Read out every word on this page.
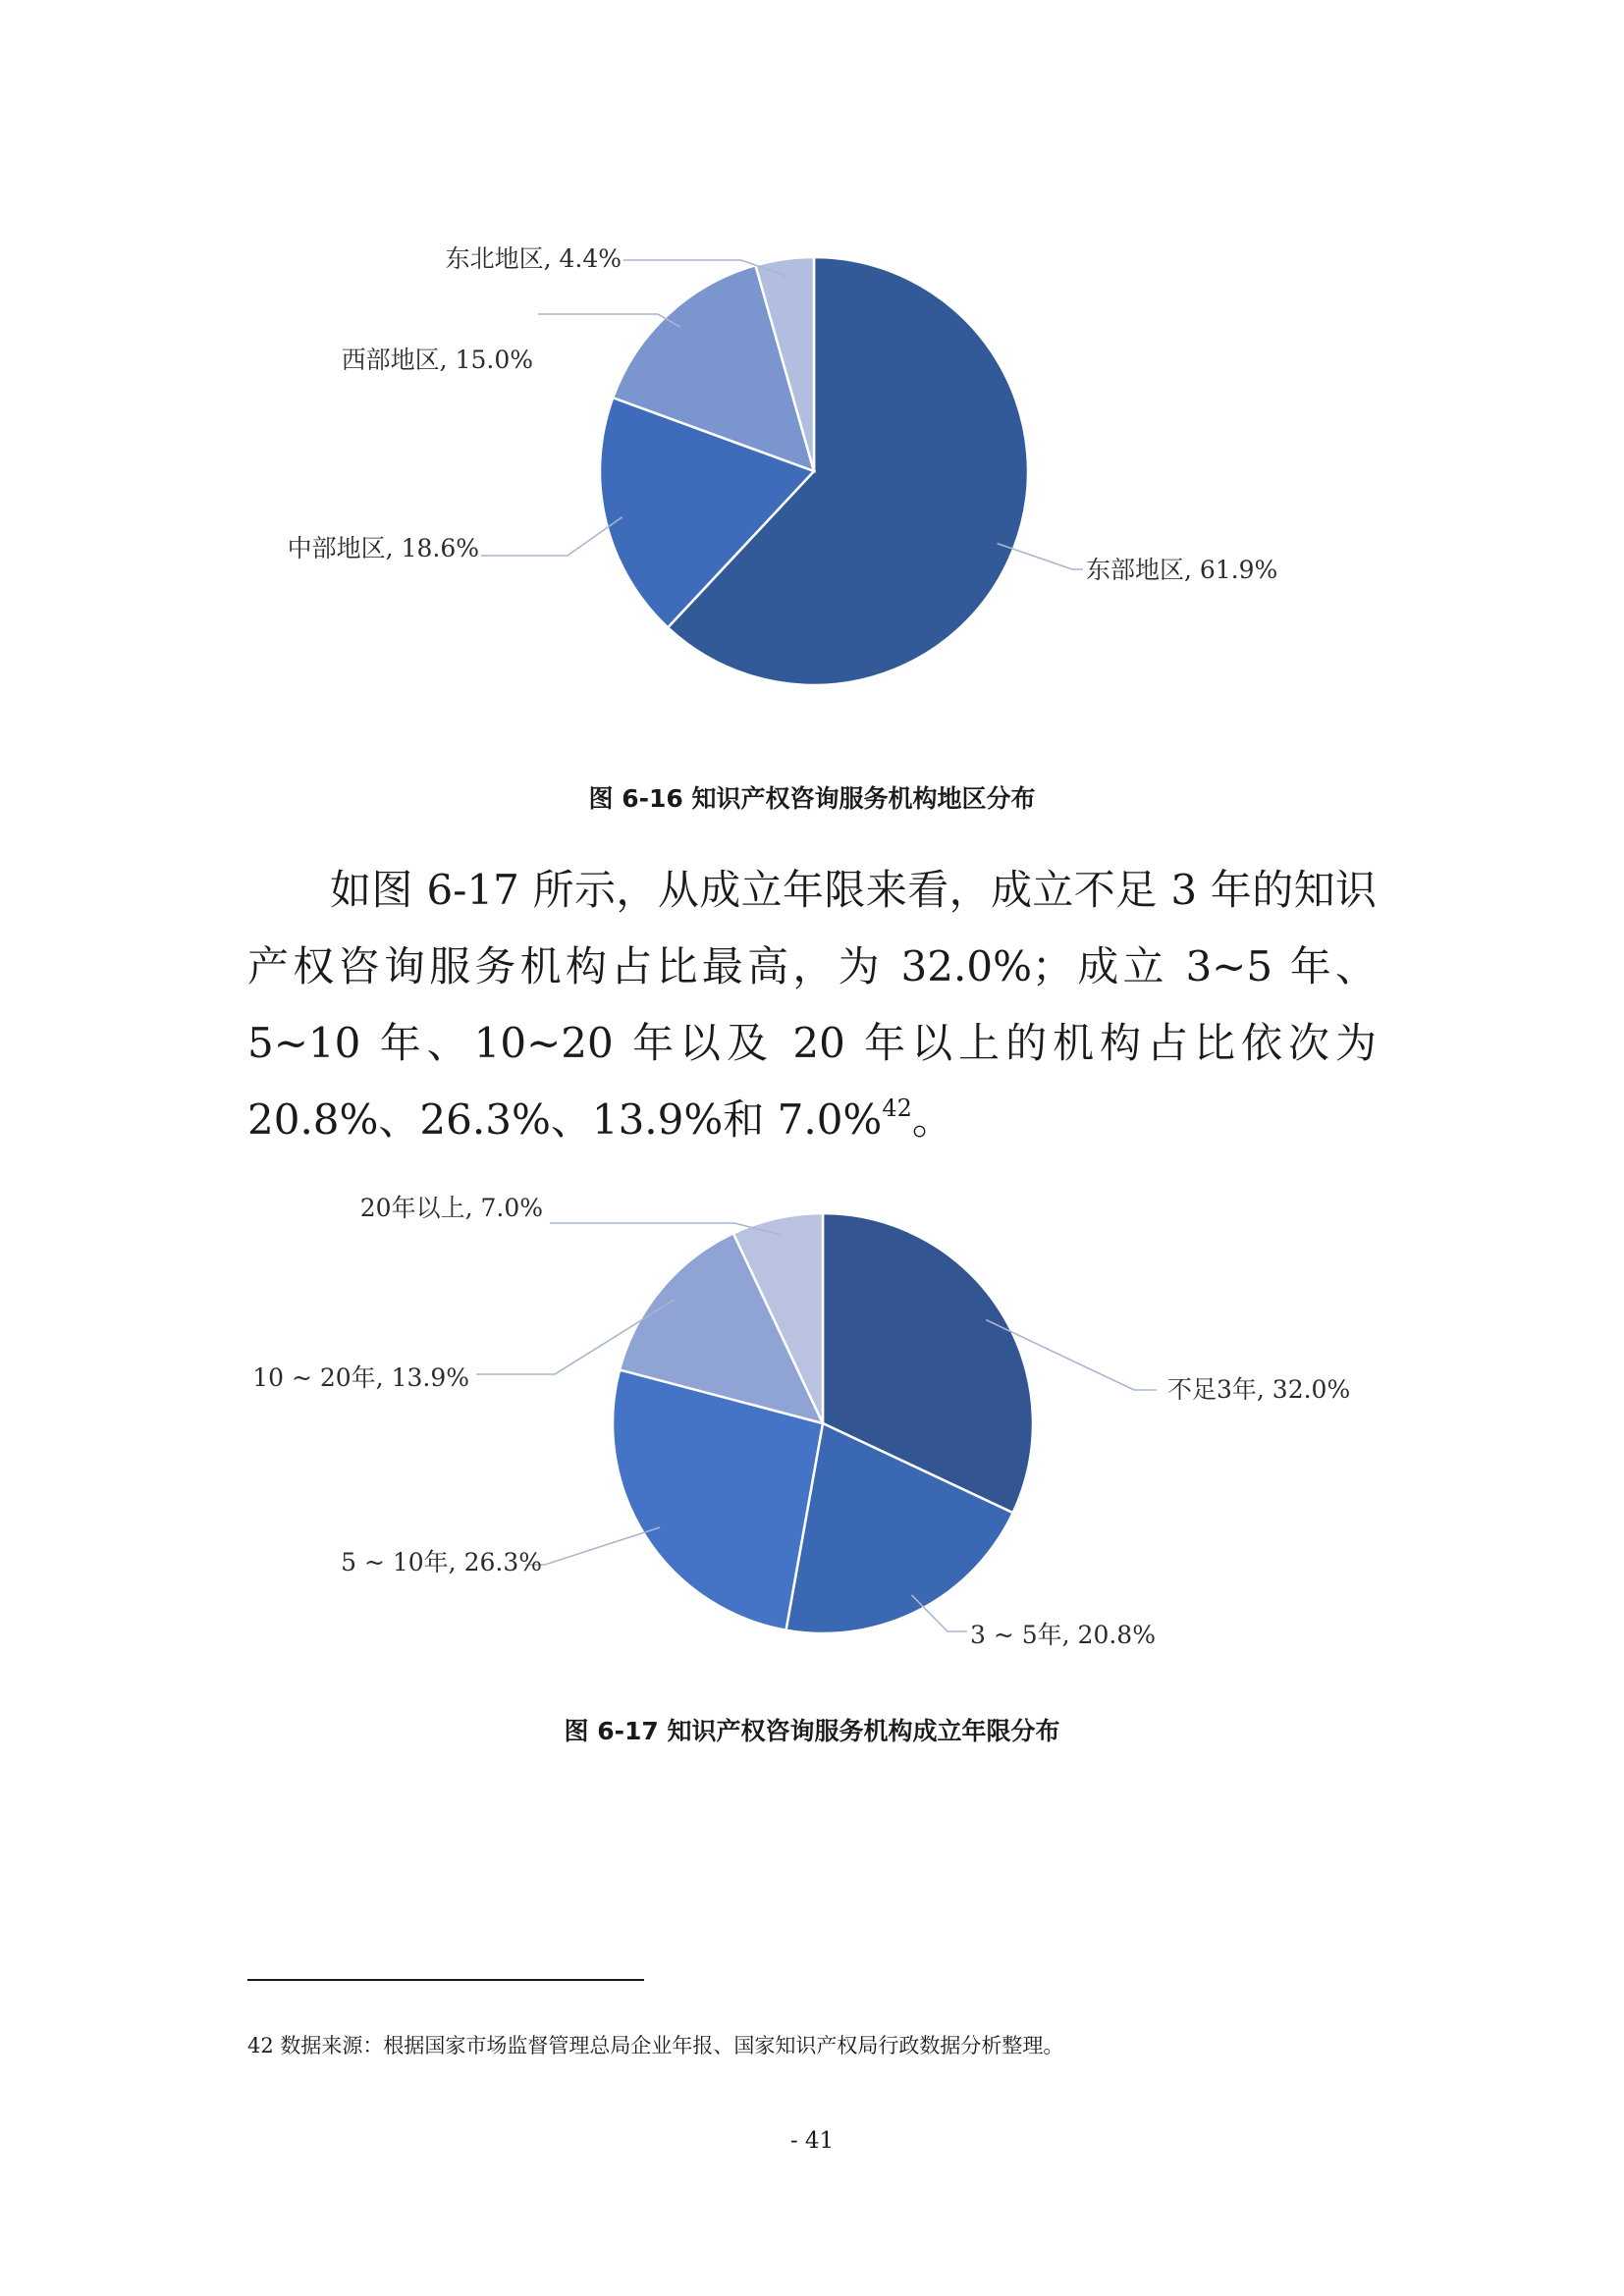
东部地区, 61.9%
中部地区, 18.6%
西部地区, 15.0%
东北地区, 4.4%
图 6-16 知识产权咨询服务机构地区分布

如图 6-17 所示，从成立年限来看，成立不足 3 年的知识产权咨询服务机构占比最高，为 32.0%；成立 3~5 年、5~10 年、10~20 年以及 20 年以上的机构占比依次为 20.8%、26.3%、13.9%和 7.0%$^{42}$。

不足3年, 32.0%
3 ~ 5年, 20.8%
5 ~ 10年, 26.3%
10 ~ 20年, 13.9%
20年以上, 7.0%
图 6-17 知识产权咨询服务机构成立年限分布

42 数据来源：根据国家市场监督管理总局企业年报、国家知识产权局行政数据分析整理。

- 41
